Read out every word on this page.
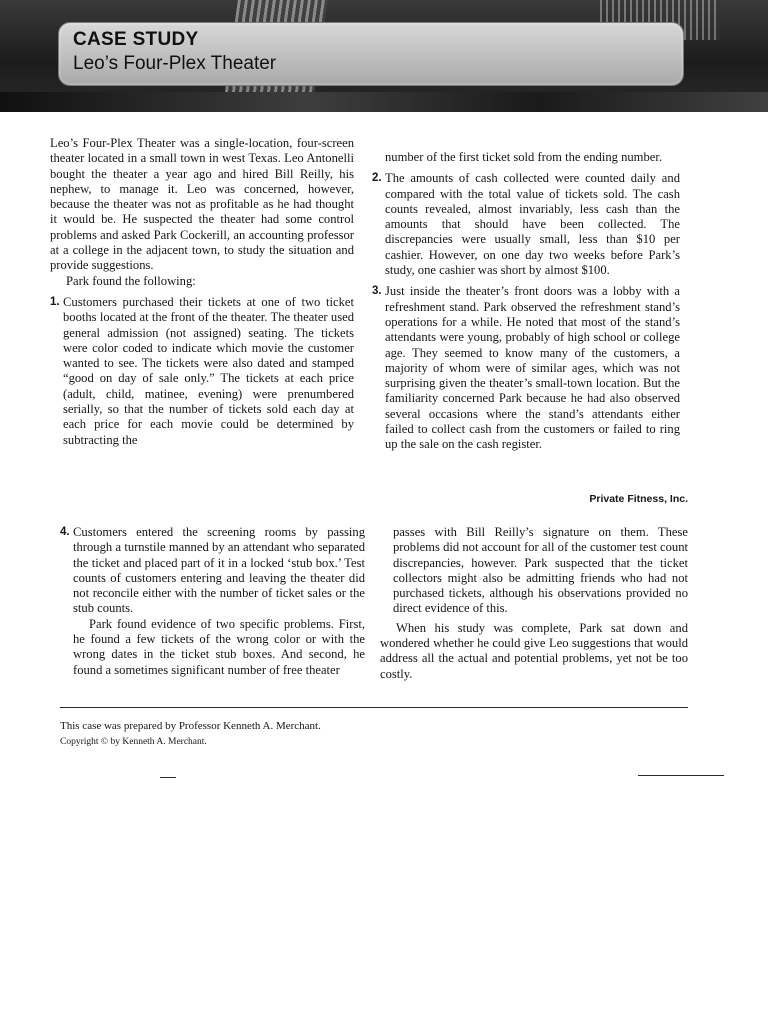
CASE STUDY
Leo’s Four-Plex Theater

Leo’s Four-Plex Theater was a single-location, four-screen theater located in a small town in west Texas. Leo Antonelli bought the theater a year ago and hired Bill Reilly, his nephew, to manage it. Leo was concerned, however, because the theater was not as profitable as he had thought it would be. He suspected the theater had some control problems and asked Park Cockerill, an accounting professor at a college in the adjacent town, to study the situation and provide suggestions.

Park found the following:

1. Customers purchased their tickets at one of two ticket booths located at the front of the theater. The theater used general admission (not assigned) seating. The tickets were color coded to indicate which movie the customer wanted to see. The tickets were also dated and stamped “good on day of sale only.” The tickets at each price (adult, child, matinee, evening) were prenumbered serially, so that the number of tickets sold each day at each price for each movie could be determined by subtracting the

number of the first ticket sold from the ending number.

2. The amounts of cash collected were counted daily and compared with the total value of tickets sold. The cash counts revealed, almost invariably, less cash than the amounts that should have been collected. The discrepancies were usually small, less than $10 per cashier. However, on one day two weeks before Park’s study, one cashier was short by almost $100.

3. Just inside the theater’s front doors was a lobby with a refreshment stand. Park observed the refreshment stand’s operations for a while. He noted that most of the stand’s attendants were young, probably of high school or college age. They seemed to know many of the customers, a majority of whom were of similar ages, which was not surprising given the theater’s small-town location. But the familiarity concerned Park because he had also observed several occasions where the stand’s attendants either failed to collect cash from the customers or failed to ring up the sale on the cash register.

Private Fitness, Inc.

4. Customers entered the screening rooms by passing through a turnstile manned by an attendant who separated the ticket and placed part of it in a locked ‘stub box.’ Test counts of customers entering and leaving the theater did not reconcile either with the number of ticket sales or the stub counts.

Park found evidence of two specific problems. First, he found a few tickets of the wrong color or with the wrong dates in the ticket stub boxes. And second, he found a sometimes significant number of free theater

passes with Bill Reilly’s signature on them. These problems did not account for all of the customer test count discrepancies, however. Park suspected that the ticket collectors might also be admitting friends who had not purchased tickets, although his observations provided no direct evidence of this.

When his study was complete, Park sat down and wondered whether he could give Leo suggestions that would address all the actual and potential problems, yet not be too costly.

This case was prepared by Professor Kenneth A. Merchant.
Copyright © by Kenneth A. Merchant.
